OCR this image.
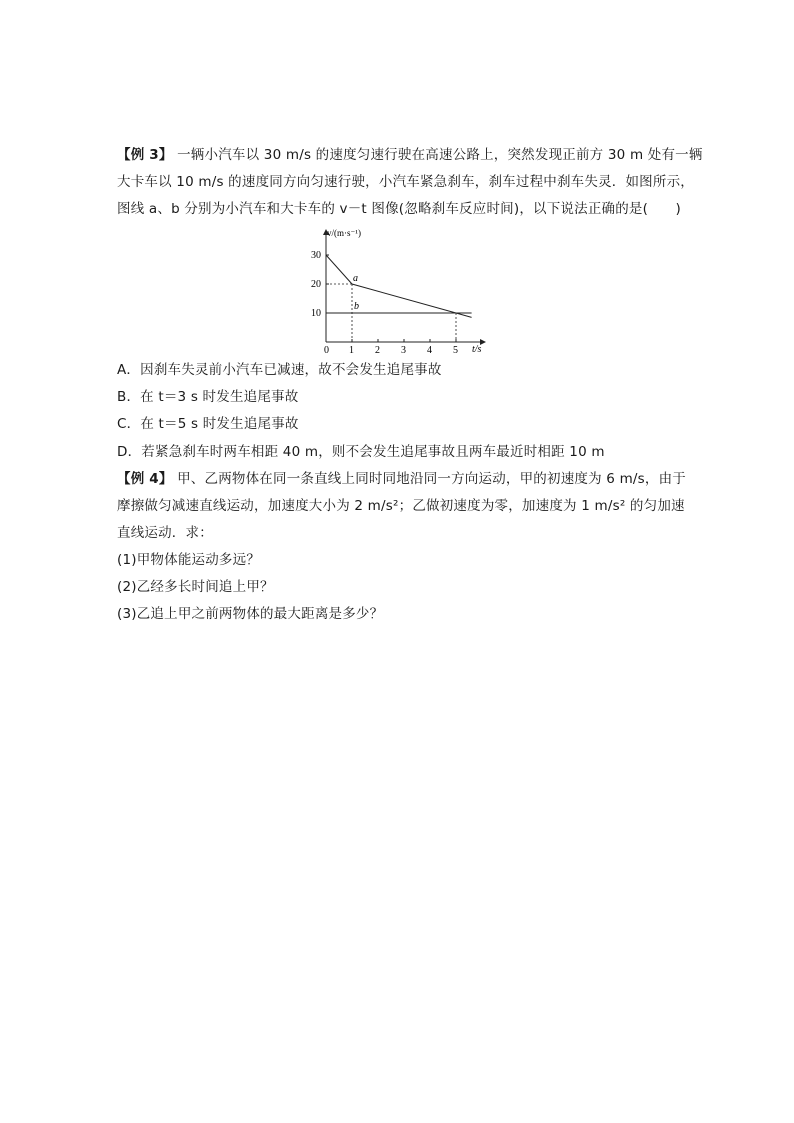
【例 3】 一辆小汽车以 30 m/s 的速度匀速行驶在高速公路上，突然发现正前方 30 m 处有一辆
大卡车以 10 m/s 的速度同方向匀速行驶，小汽车紧急刹车，刹车过程中刹车失灵．如图所示，
图线 a、b 分别为小汽车和大卡车的 v－t 图像(忽略刹车反应时间)，以下说法正确的是(　　)
v/(m·s⁻¹)
t/s
0 1 2 3 4 5
10
20
30
a
b
A．因刹车失灵前小汽车已减速，故不会发生追尾事故
B．在 t＝3 s 时发生追尾事故
C．在 t＝5 s 时发生追尾事故
D．若紧急刹车时两车相距 40 m，则不会发生追尾事故且两车最近时相距 10 m
【例 4】 甲、乙两物体在同一条直线上同时同地沿同一方向运动，甲的初速度为 6 m/s，由于
摩擦做匀减速直线运动，加速度大小为 2 m/s²；乙做初速度为零，加速度为 1 m/s² 的匀加速
直线运动．求：
(1)甲物体能运动多远？
(2)乙经多长时间追上甲？
(3)乙追上甲之前两物体的最大距离是多少？
